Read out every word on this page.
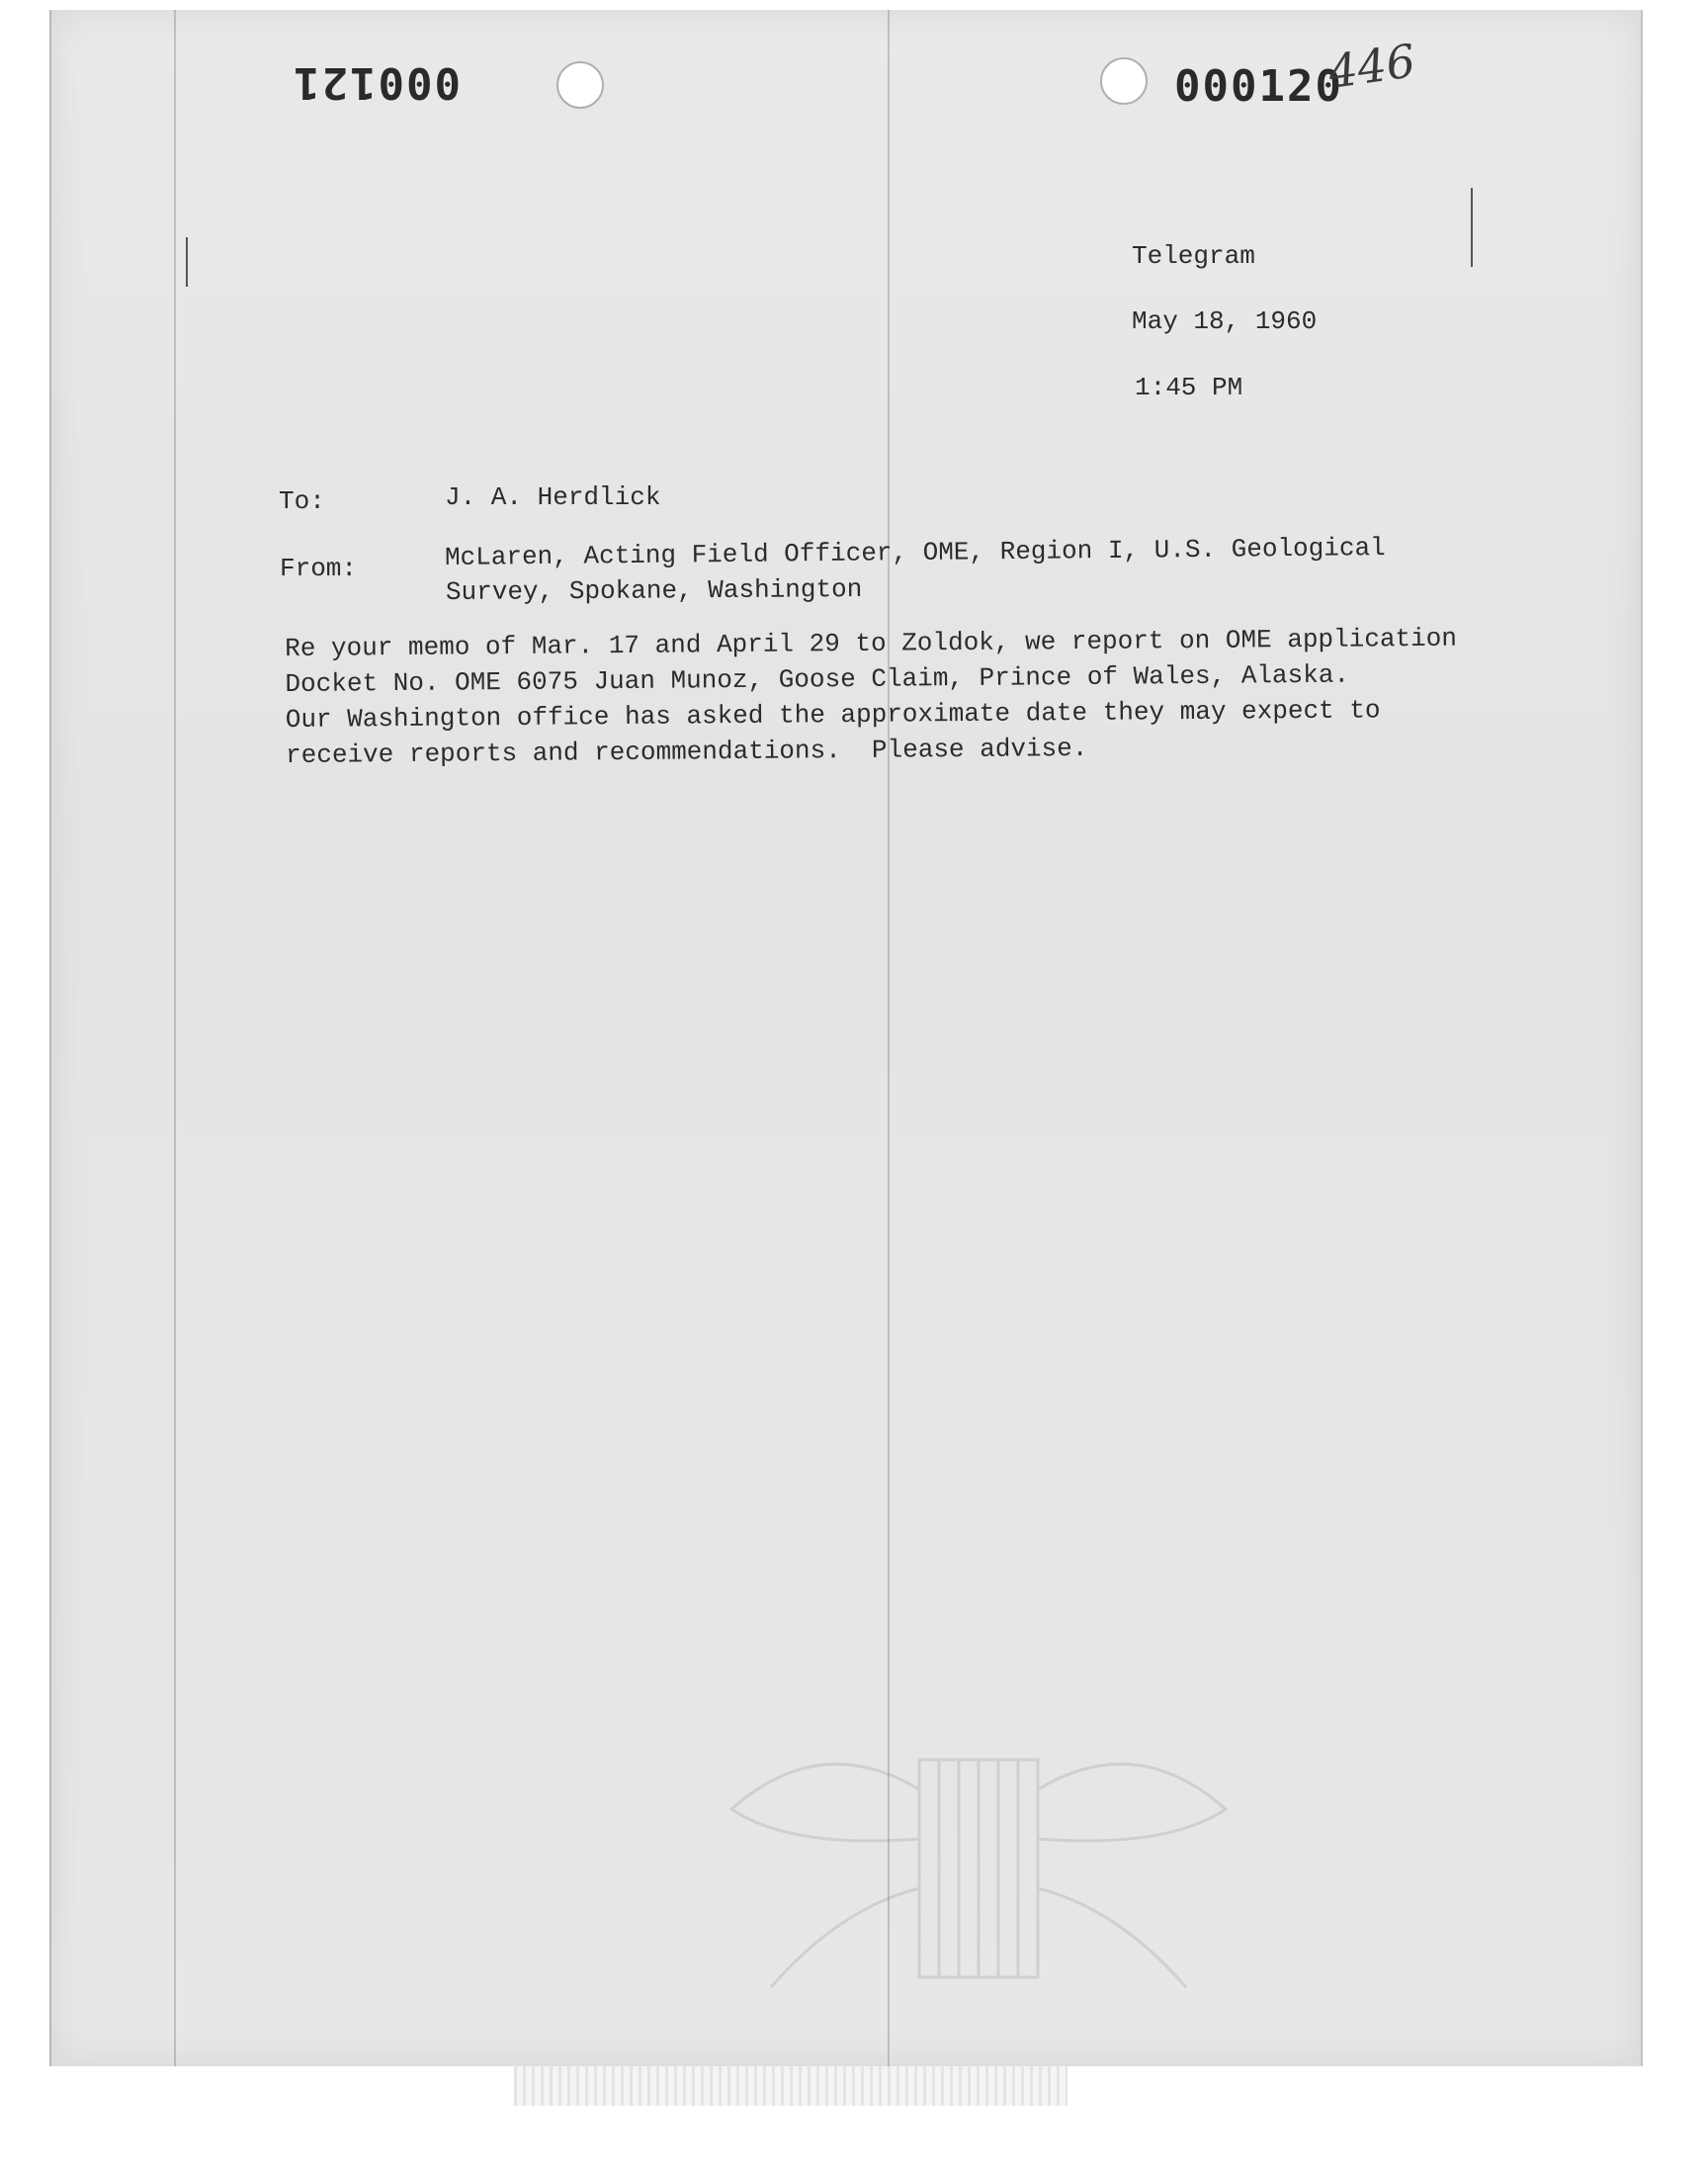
000121	000120
446
Telegram
May 18, 1960
1:45 PM
To:	J. A. Herdlick
From:	McLaren, Acting Field Officer, OME, Region I, U.S. Geological
Survey, Spokane, Washington
Re your memo of Mar. 17 and April 29 to Zoldok, we report on OME application
Docket No. OME 6075 Juan Munoz, Goose Claim, Prince of Wales, Alaska.
Our Washington office has asked the approximate date they may expect to
receive reports and recommendations.  Please advise.
